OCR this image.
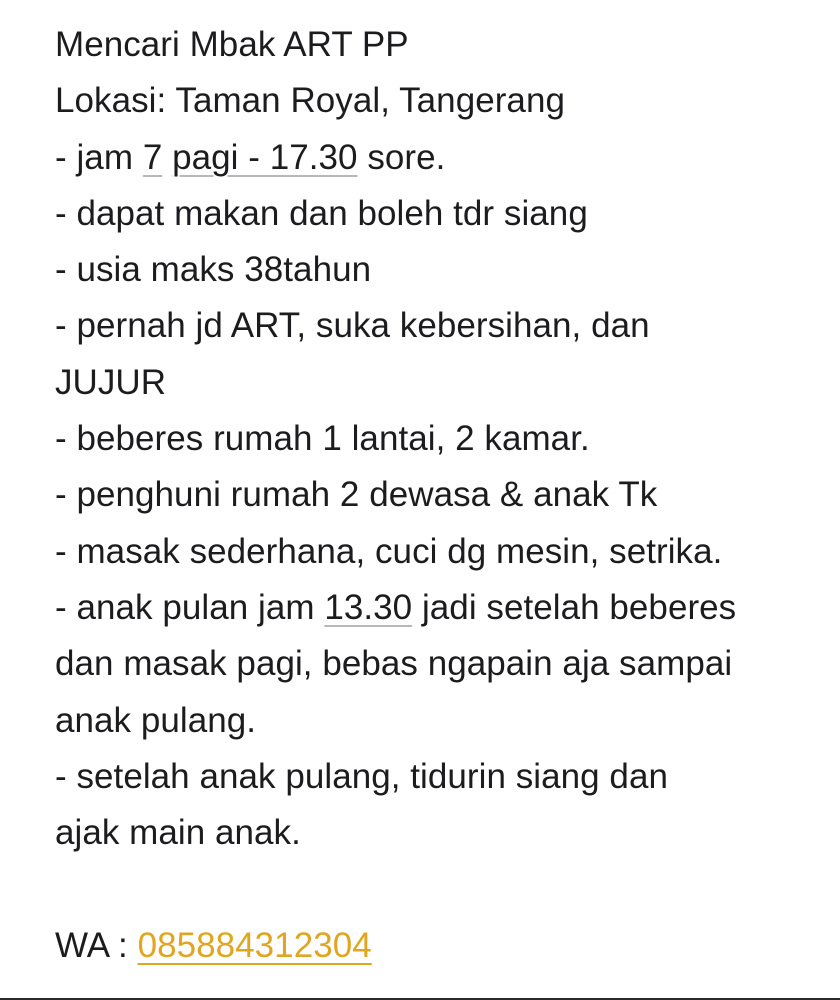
Mencari Mbak ART PP
Lokasi: Taman Royal, Tangerang
- jam 7 pagi - 17.30 sore.
- dapat makan dan boleh tdr siang
- usia maks 38tahun
- pernah jd ART, suka kebersihan, dan
JUJUR
- beberes rumah 1 lantai, 2 kamar.
- penghuni rumah 2 dewasa & anak Tk
- masak sederhana, cuci dg mesin, setrika.
- anak pulan jam 13.30 jadi setelah beberes
dan masak pagi, bebas ngapain aja sampai
anak pulang.
- setelah anak pulang, tidurin siang dan
ajak main anak.
WA : 085884312304
